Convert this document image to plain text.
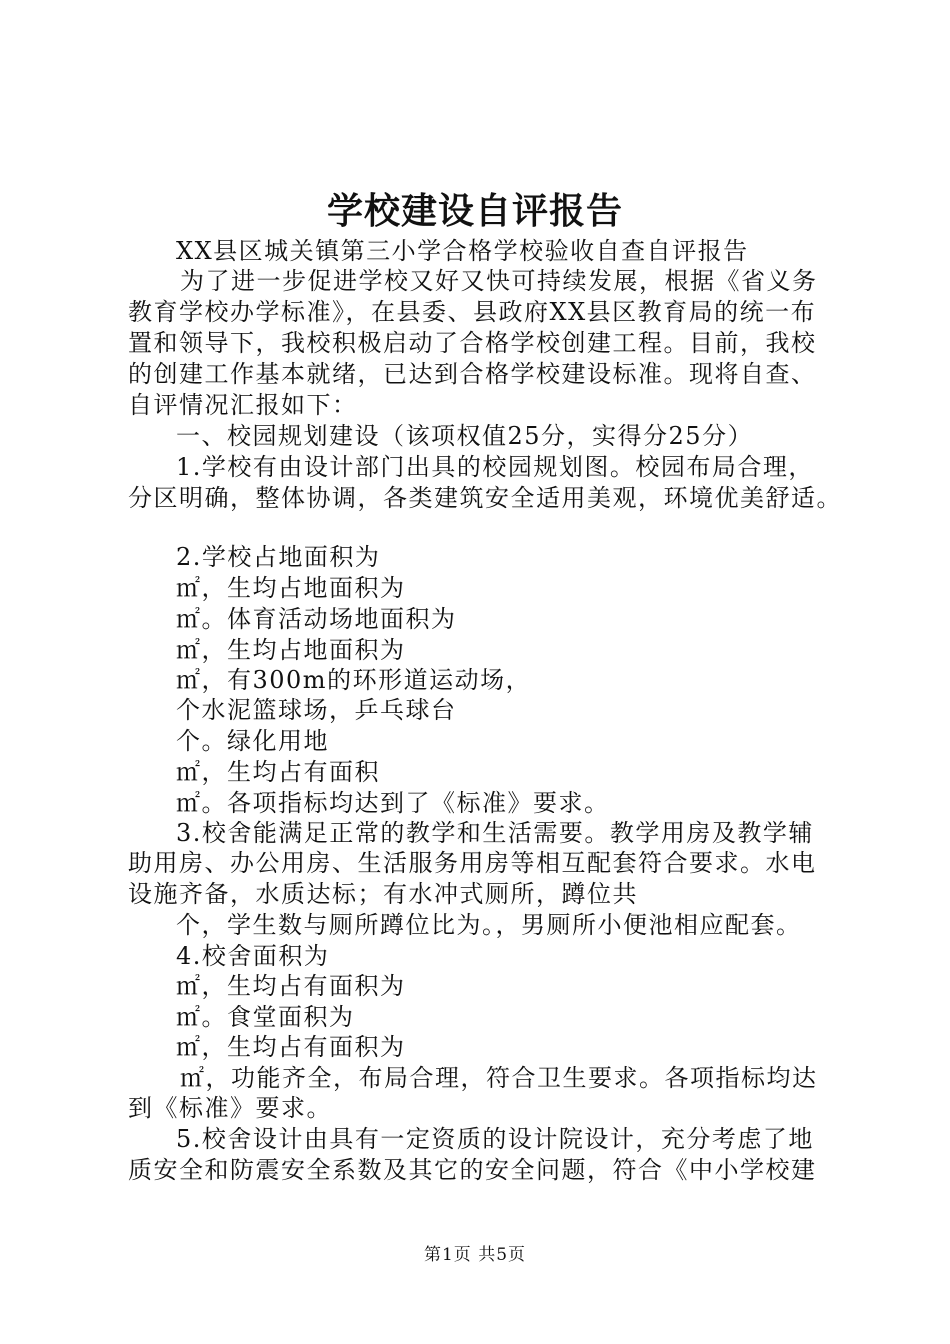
学校建设自评报告
XX县区城关镇第三小学合格学校验收自查自评报告
为了进一步促进学校又好又快可持续发展，根据《省义务
教育学校办学标准》，在县委、县政府XX县区教育局的统一布
置和领导下，我校积极启动了合格学校创建工程。目前，我校
的创建工作基本就绪，已达到合格学校建设标准。现将自查、
自评情况汇报如下：
一、校园规划建设（该项权值25分，实得分25分）
1.学校有由设计部门出具的校园规划图。校园布局合理，
分区明确，整体协调，各类建筑安全适用美观，环境优美舒适。
2.学校占地面积为
㎡，生均占地面积为
㎡。体育活动场地面积为
㎡，生均占地面积为
㎡，有300m的环形道运动场，
个水泥篮球场，乒乓球台
个。绿化用地
㎡，生均占有面积
㎡。各项指标均达到了《标准》要求。
3.校舍能满足正常的教学和生活需要。教学用房及教学辅
助用房、办公用房、生活服务用房等相互配套符合要求。水电
设施齐备，水质达标；有水冲式厕所，蹲位共
个，学生数与厕所蹲位比为。，男厕所小便池相应配套。
4.校舍面积为
㎡，生均占有面积为
㎡。食堂面积为
㎡，生均占有面积为
㎡，功能齐全，布局合理，符合卫生要求。各项指标均达
到《标准》要求。
5.校舍设计由具有一定资质的设计院设计，充分考虑了地
质安全和防震安全系数及其它的安全问题，符合《中小学校建
第1页 共5页
